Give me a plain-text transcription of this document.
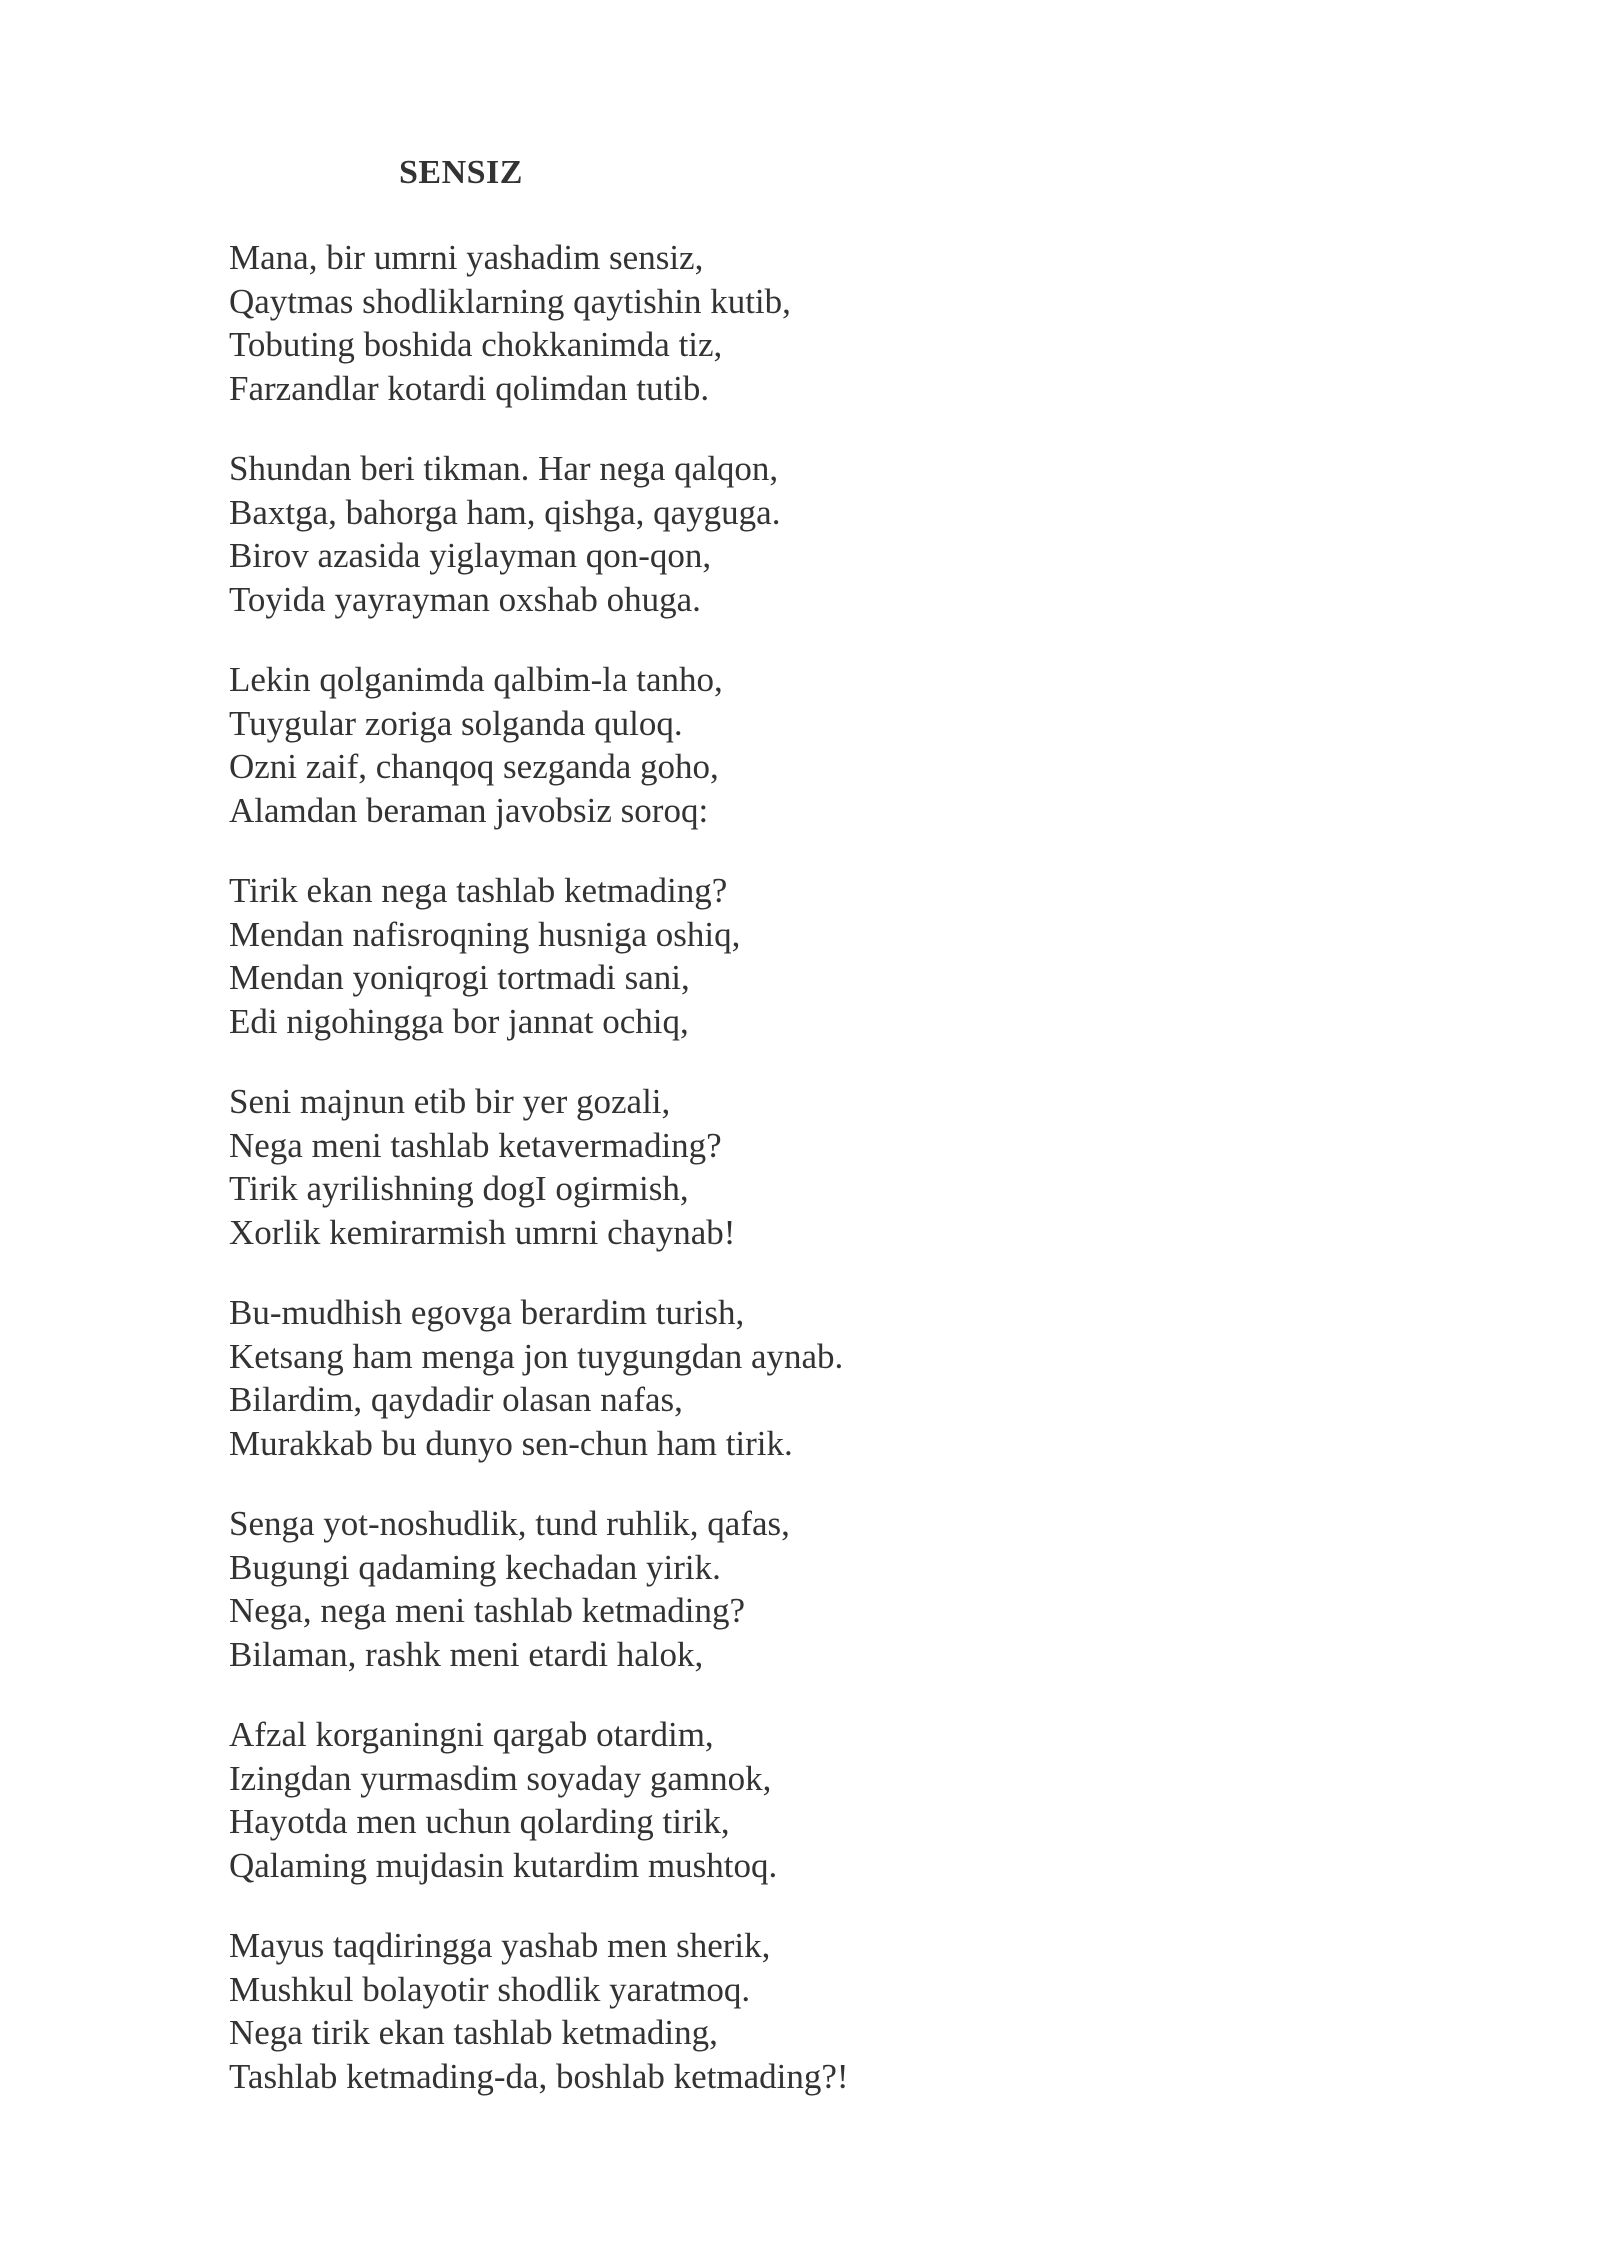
SENSIZ
Mana, bir umrni yashadim sensiz,
Qaytmas shodliklarning qaytishin kutib,
Tobuting boshida chokkanimda tiz,
Farzandlar kotardi qolimdan tutib.
Shundan beri tikman. Har nega qalqon,
Baxtga, bahorga ham, qishga, qayguga.
Birov azasida yiglayman qon-qon,
Toyida yayrayman oxshab ohuga.
Lekin qolganimda qalbim-la tanho,
Tuygular zoriga solganda quloq.
Ozni zaif, chanqoq sezganda goho,
Alamdan beraman javobsiz soroq:
Tirik ekan nega tashlab ketmading?
Mendan nafisroqning husniga oshiq,
Mendan yoniqrogi tortmadi sani,
Edi nigohingga bor jannat ochiq,
Seni majnun etib bir yer gozali,
Nega meni tashlab ketavermading?
Tirik ayrilishning dogI ogirmish,
Xorlik kemirarmish umrni chaynab!
Bu-mudhish egovga berardim turish,
Ketsang ham menga jon tuygungdan aynab.
Bilardim, qaydadir olasan nafas,
Murakkab bu dunyo sen-chun ham tirik.
Senga yot-noshudlik, tund ruhlik, qafas,
Bugungi qadaming kechadan yirik.
Nega, nega meni tashlab ketmading?
Bilaman, rashk meni etardi halok,
Afzal korganingni qargab otardim,
Izingdan yurmasdim soyaday gamnok,
Hayotda men uchun qolarding tirik,
Qalaming mujdasin kutardim mushtoq.
Mayus taqdiringga yashab men sherik,
Mushkul bolayotir shodlik yaratmoq.
Nega tirik ekan tashlab ketmading,
Tashlab ketmading-da, boshlab ketmading?!
